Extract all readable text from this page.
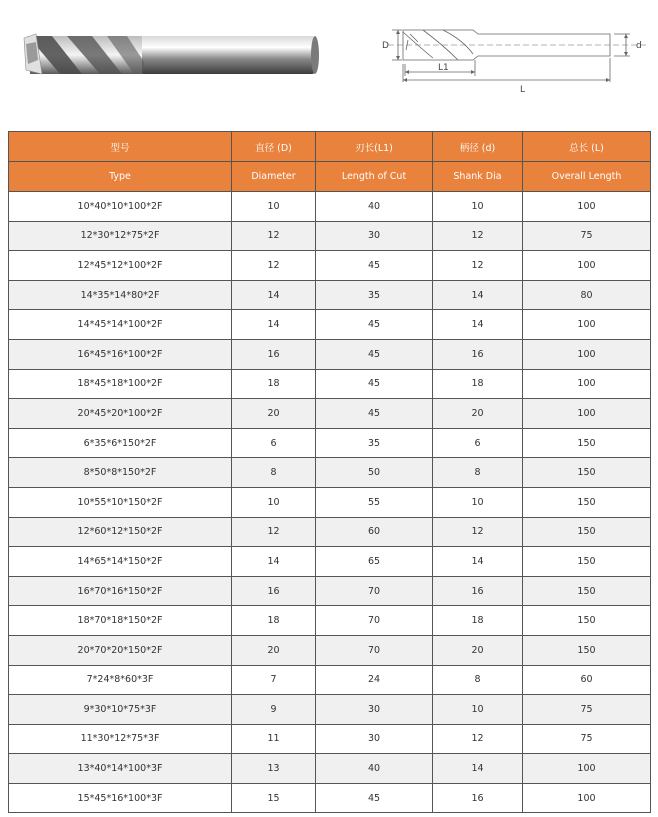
D	d
L1
L
型号	直径 (D)	刃长(L1)	柄径 (d)	总长 (L)
Type	Diameter	Length of Cut	Shank Dia	Overall Length
10*40*10*100*2F	10	40	10	100
12*30*12*75*2F	12	30	12	75
12*45*12*100*2F	12	45	12	100
14*35*14*80*2F	14	35	14	80
14*45*14*100*2F	14	45	14	100
16*45*16*100*2F	16	45	16	100
18*45*18*100*2F	18	45	18	100
20*45*20*100*2F	20	45	20	100
6*35*6*150*2F	6	35	6	150
8*50*8*150*2F	8	50	8	150
10*55*10*150*2F	10	55	10	150
12*60*12*150*2F	12	60	12	150
14*65*14*150*2F	14	65	14	150
16*70*16*150*2F	16	70	16	150
18*70*18*150*2F	18	70	18	150
20*70*20*150*2F	20	70	20	150
7*24*8*60*3F	7	24	8	60
9*30*10*75*3F	9	30	10	75
11*30*12*75*3F	11	30	12	75
13*40*14*100*3F	13	40	14	100
15*45*16*100*3F	15	45	16	100
